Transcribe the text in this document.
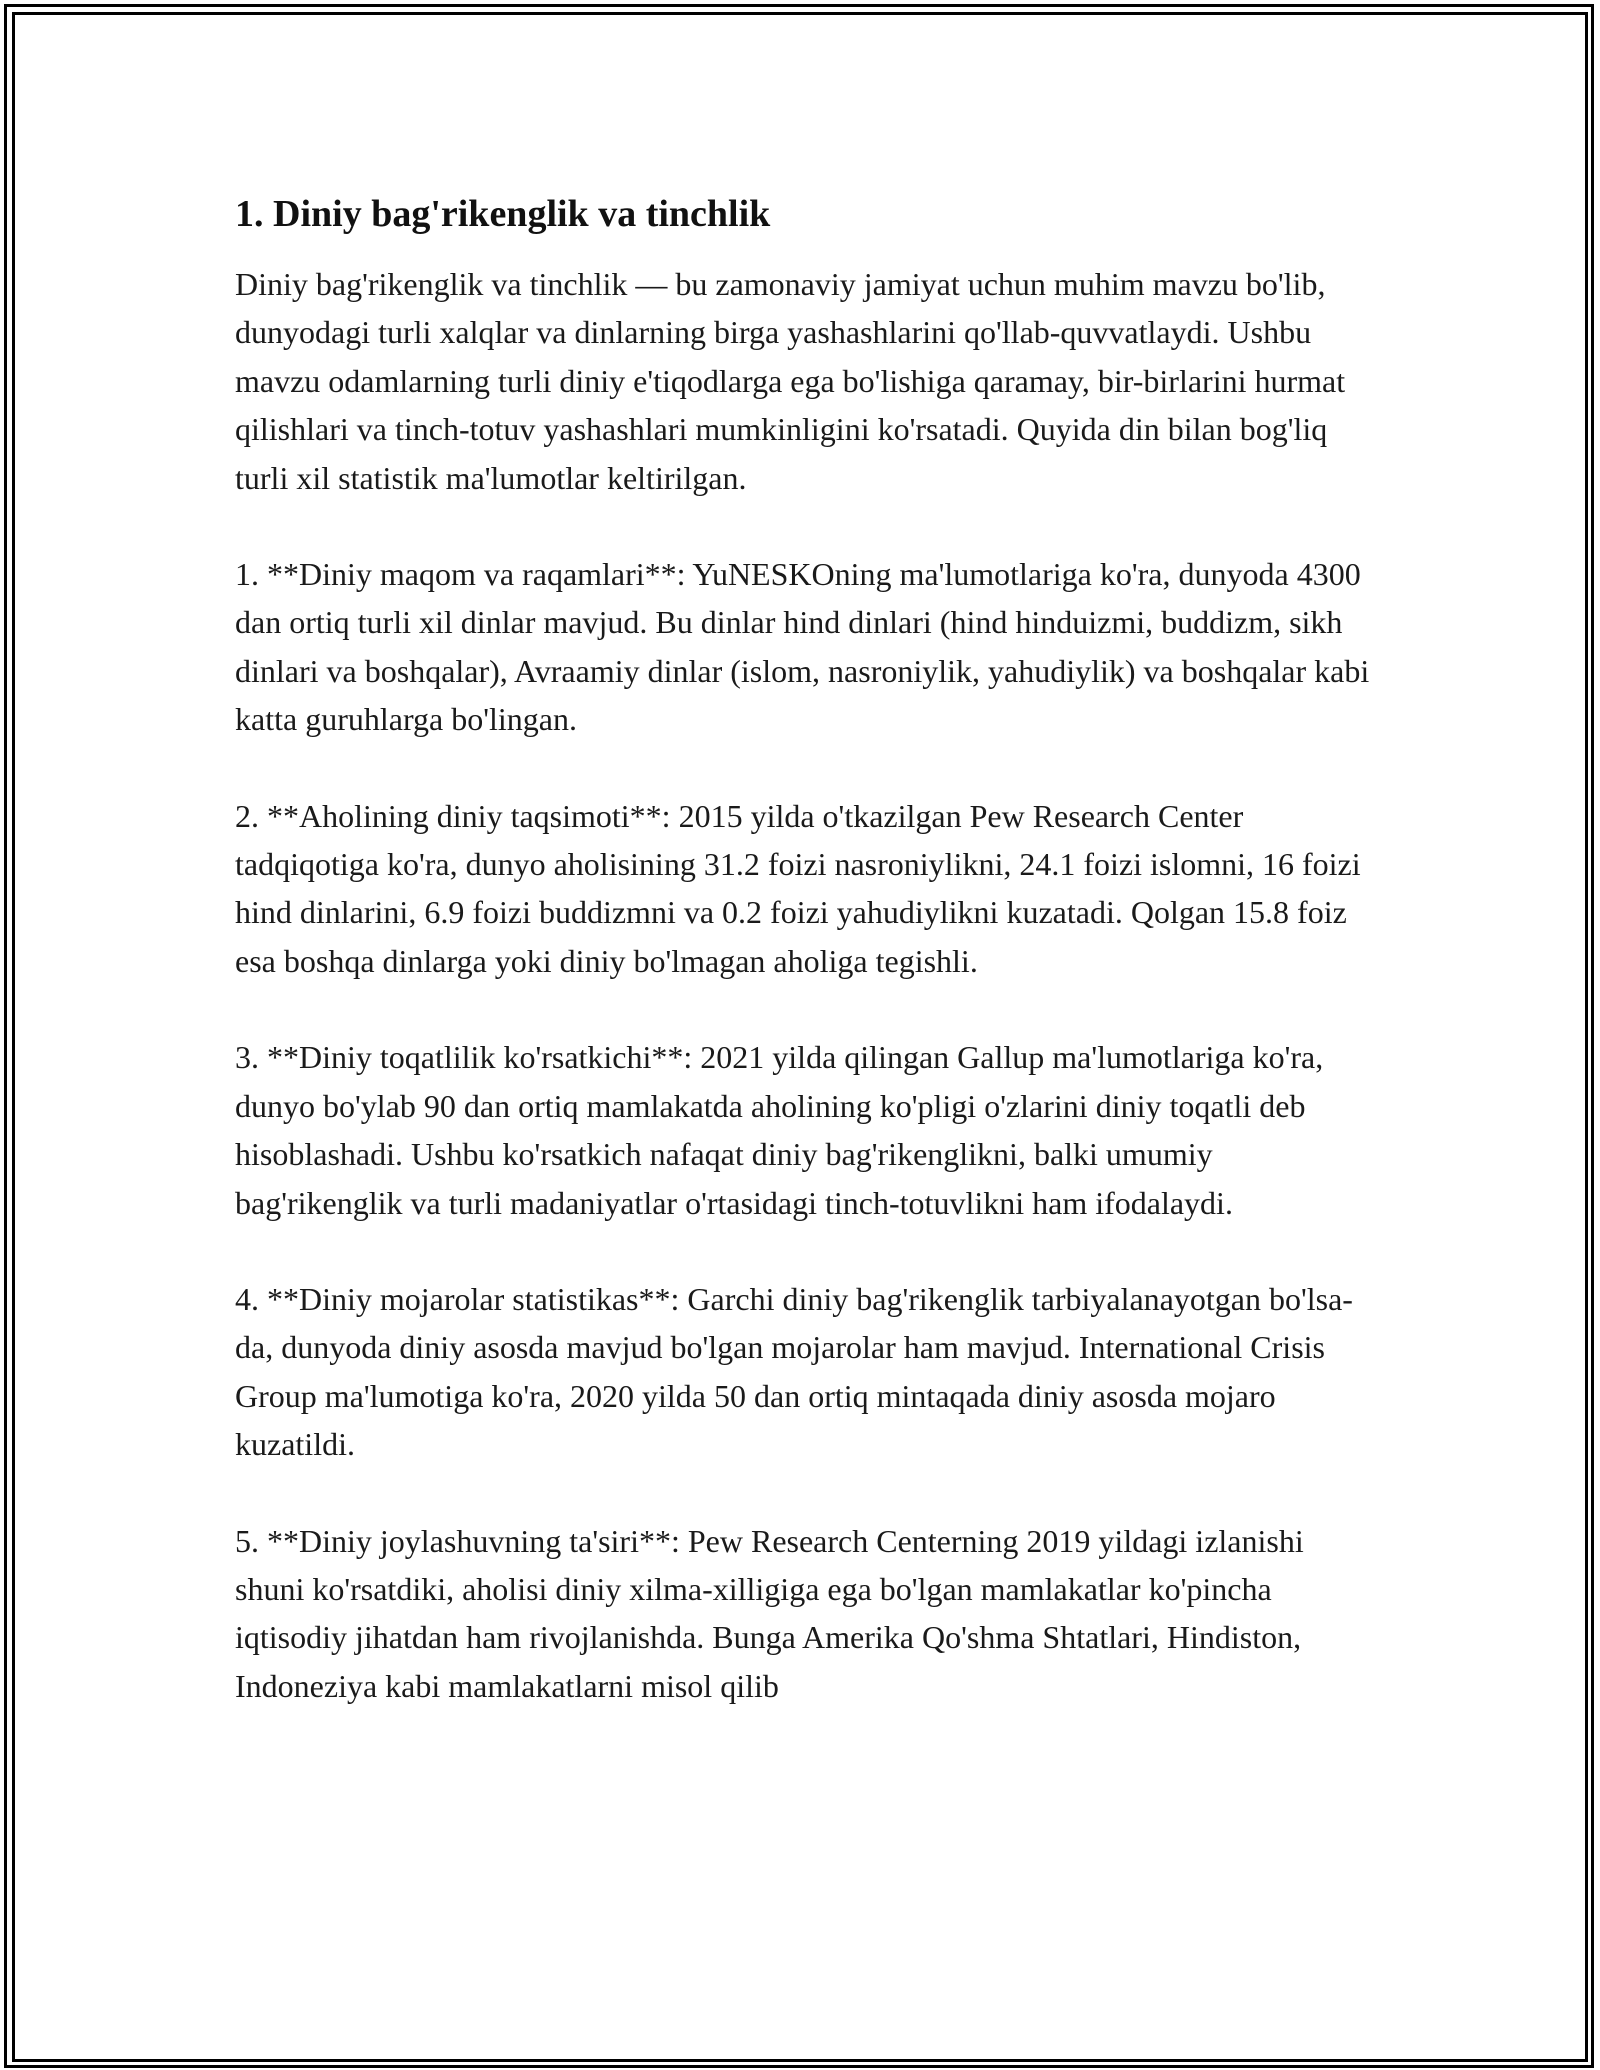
1. Diniy bag'rikenglik va tinchlik

Diniy bag'rikenglik va tinchlik — bu zamonaviy jamiyat uchun muhim mavzu bo'lib, dunyodagi turli xalqlar va dinlarning birga yashashlarini qo'llab-quvvatlaydi. Ushbu mavzu odamlarning turli diniy e'tiqodlarga ega bo'lishiga qaramay, bir-birlarini hurmat qilishlari va tinch-totuv yashashlari mumkinligini ko'rsatadi. Quyida din bilan bog'liq turli xil statistik ma'lumotlar keltirilgan.

1. **Diniy maqom va raqamlari**: YuNESKOning ma'lumotlariga ko'ra, dunyoda 4300 dan ortiq turli xil dinlar mavjud. Bu dinlar hind dinlari (hind hinduizmi, buddizm, sikh dinlari va boshqalar), Avraamiy dinlar (islom, nasroniylik, yahudiylik) va boshqalar kabi katta guruhlarga bo'lingan.

2. **Aholining diniy taqsimoti**: 2015 yilda o'tkazilgan Pew Research Center tadqiqotiga ko'ra, dunyo aholisining 31.2 foizi nasroniylikni, 24.1 foizi islomni, 16 foizi hind dinlarini, 6.9 foizi buddizmni va 0.2 foizi yahudiylikni kuzatadi. Qolgan 15.8 foiz esa boshqa dinlarga yoki diniy bo'lmagan aholiga tegishli.

3. **Diniy toqatlilik ko'rsatkichi**: 2021 yilda qilingan Gallup ma'lumotlariga ko'ra, dunyo bo'ylab 90 dan ortiq mamlakatda aholining ko'pligi o'zlarini diniy toqatli deb hisoblashadi. Ushbu ko'rsatkich nafaqat diniy bag'rikenglikni, balki umumiy bag'rikenglik va turli madaniyatlar o'rtasidagi tinch-totuvlikni ham ifodalaydi.

4. **Diniy mojarolar statistikas**: Garchi diniy bag'rikenglik tarbiyalanayotgan bo'lsa-da, dunyoda diniy asosda mavjud bo'lgan mojarolar ham mavjud. International Crisis Group ma'lumotiga ko'ra, 2020 yilda 50 dan ortiq mintaqada diniy asosda mojaro kuzatildi.

5. **Diniy joylashuvning ta'siri**: Pew Research Centerning 2019 yildagi izlanishi shuni ko'rsatdiki, aholisi diniy xilma-xilligiga ega bo'lgan mamlakatlar ko'pincha iqtisodiy jihatdan ham rivojlanishda. Bunga Amerika Qo'shma Shtatlari, Hindiston, Indoneziya kabi mamlakatlarni misol qilib
